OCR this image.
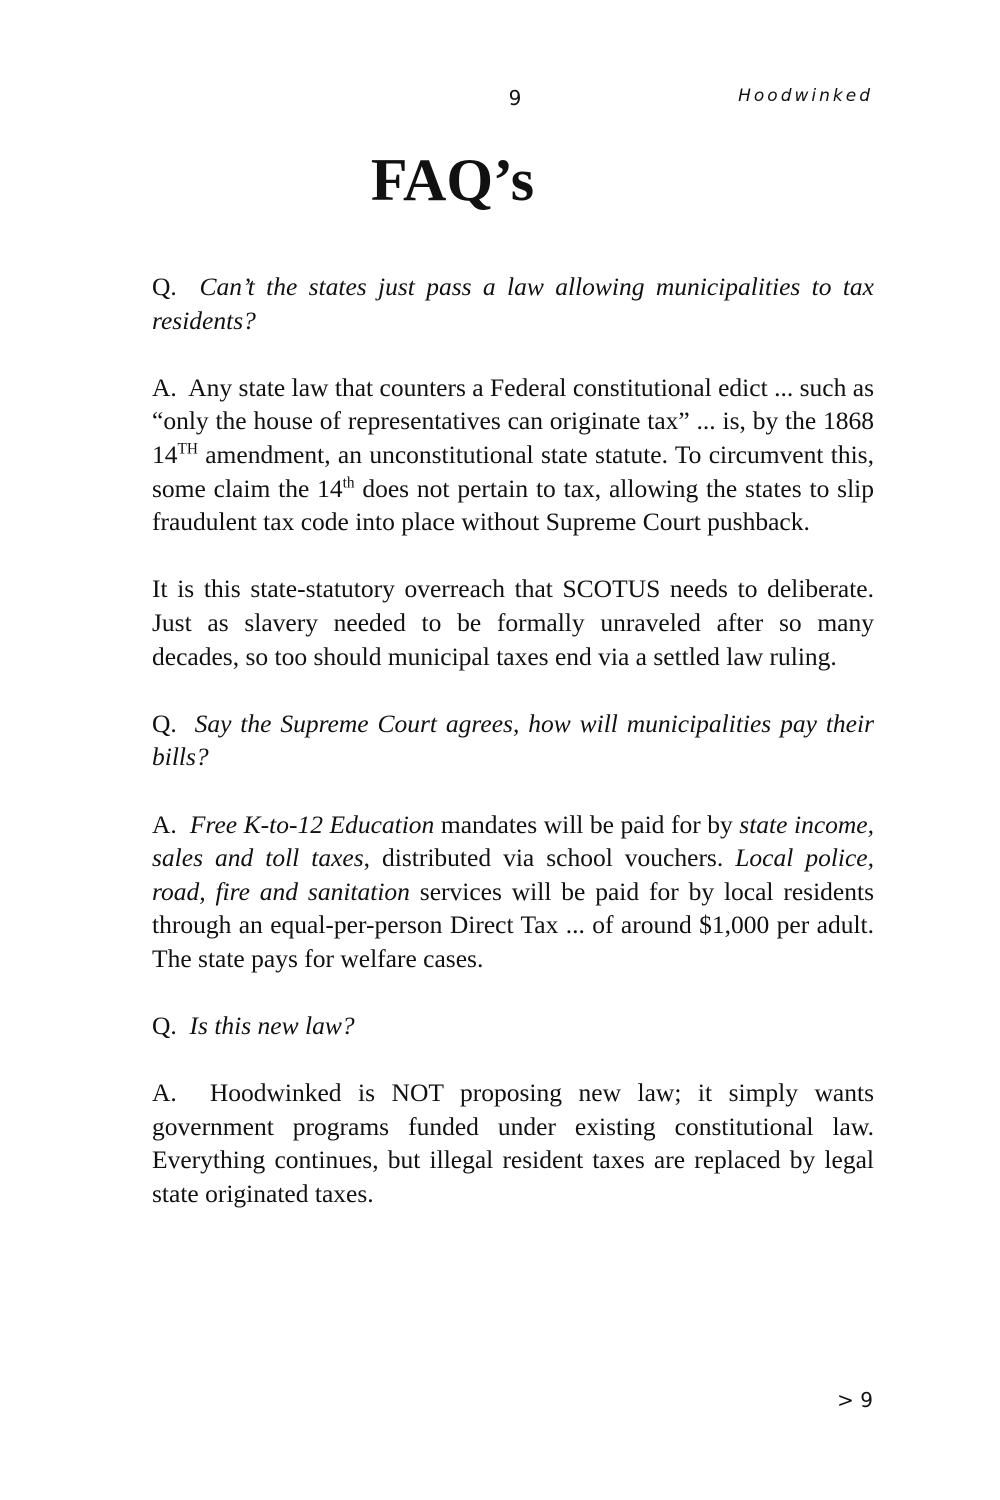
9	Hoodwinked
FAQ’s

Q. Can’t the states just pass a law allowing municipalities to tax residents?

A. Any state law that counters a Federal constitutional edict ... such as “only the house of representatives can originate tax” ... is, by the 1868 14TH amendment, an unconstitutional state statute. To circumvent this, some claim the 14th does not pertain to tax, allowing the states to slip fraudulent tax code into place without Supreme Court pushback.

It is this state-statutory overreach that SCOTUS needs to deliberate. Just as slavery needed to be formally unraveled after so many decades, so too should municipal taxes end via a settled law ruling.

Q. Say the Supreme Court agrees, how will municipalities pay their bills?

A. Free K-to-12 Education mandates will be paid for by state income, sales and toll taxes, distributed via school vouchers. Local police, road, fire and sanitation services will be paid for by local residents through an equal-per-person Direct Tax ... of around $1,000 per adult. The state pays for welfare cases.

Q. Is this new law?

A. Hoodwinked is NOT proposing new law; it simply wants government programs funded under existing constitutional law. Everything continues, but illegal resident taxes are replaced by legal state originated taxes.

> 9
